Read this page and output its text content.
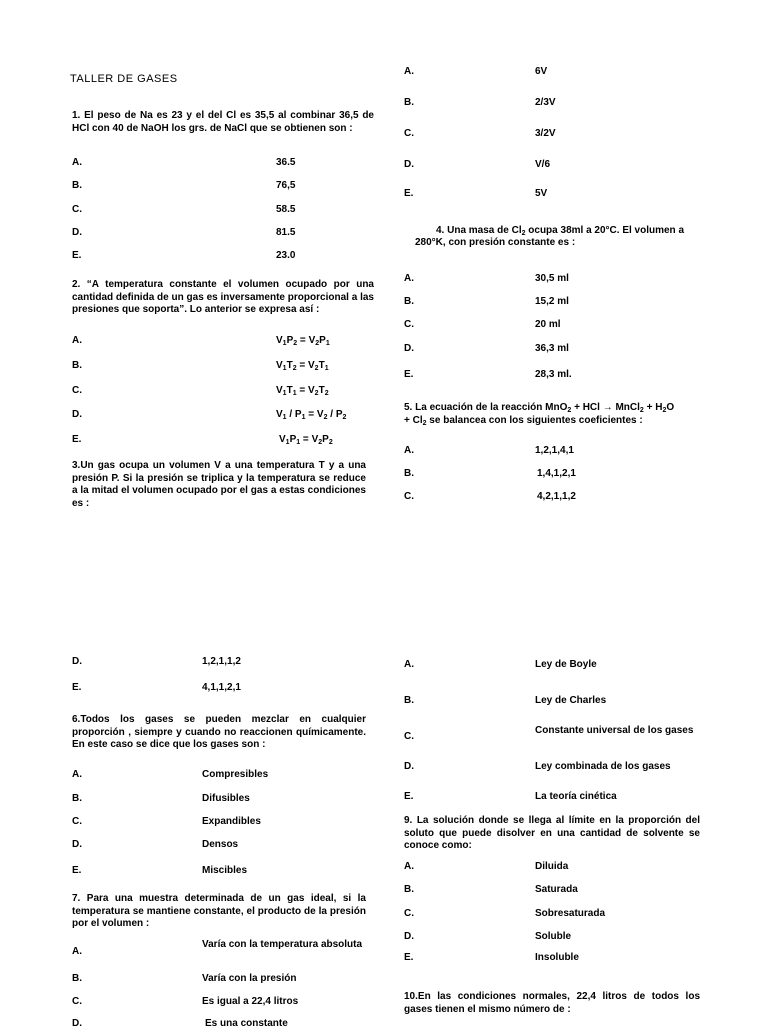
TALLER DE GASES
1. El peso de Na es 23 y el del Cl es 35,5 al combinar 36,5 de HCl con 40 de NaOH los grs. de NaCl que se obtienen son :
A.	36.5
B.	76,5
C.	58.5
D.	81.5
E.	23.0
2. “A temperatura constante el volumen ocupado por una cantidad definida de un gas es inversamente proporcional a las presiones que soporta”. Lo anterior se expresa así :
A.	$V_1P_2 = V_2P_1$
B.	$V_1T_2 = V_2T_1$
C.	$V_1T_1 = V_2T_2$
D.	$V_1 / P_1 = V_2 / P_2$
E.	$V_1P_1 = V_2P_2$
3.Un gas ocupa un volumen V a una temperatura T y a una presión P. Si la presión se triplica y la temperatura se reduce a la mitad el volumen ocupado por el gas a estas condiciones es :
A.	6V
B.	2/3V
C.	3/2V
D.	V/6
E.	5V
4. Una masa de $Cl_2$ ocupa 38ml a 20°C. El volumen a
280°K, con presión constante es :
A.	30,5 ml
B.	15,2 ml
C.	20 ml
D.	36,3 ml
E.	28,3 ml.
5. La ecuación de la reacción MnO$_2$ + HCl → MnCl$_2$ + $H_2O$
+ $Cl_2$ se balancea con los siguientes coeficientes :
A.	1,2,1,4,1
B.	1,4,1,2,1
C.	4,2,1,1,2
D.	1,2,1,1,2
E.	4,1,1,2,1
6.Todos los gases se pueden mezclar en cualquier proporción , siempre y cuando no reaccionen químicamente. En este caso se dice que los gases son :
A.	Compresibles
B.	Difusibles
C.	Expandibles
D.	Densos
E.	Miscibles
7. Para una muestra determinada de un gas ideal, si la temperatura se mantiene constante, el producto de la presión por el volumen :
A.
Varía con la temperatura absoluta
B.	Varía con la presión
C.	Es igual a 22,4 litros
D.	Es una constante
A.	Ley de Boyle
B.	Ley de Charles
C.
Constante universal de los gases
D.	Ley combinada de los gases
E.	La teoría cinética
9. La solución donde se llega al límite en la proporción del soluto que puede disolver en una cantidad de solvente se conoce como:
A.	Diluida
B.	Saturada
C.	Sobresaturada
D.	Soluble
E.	Insoluble
10.En las condiciones normales, 22,4 litros de todos los gases tienen el mismo número de :
